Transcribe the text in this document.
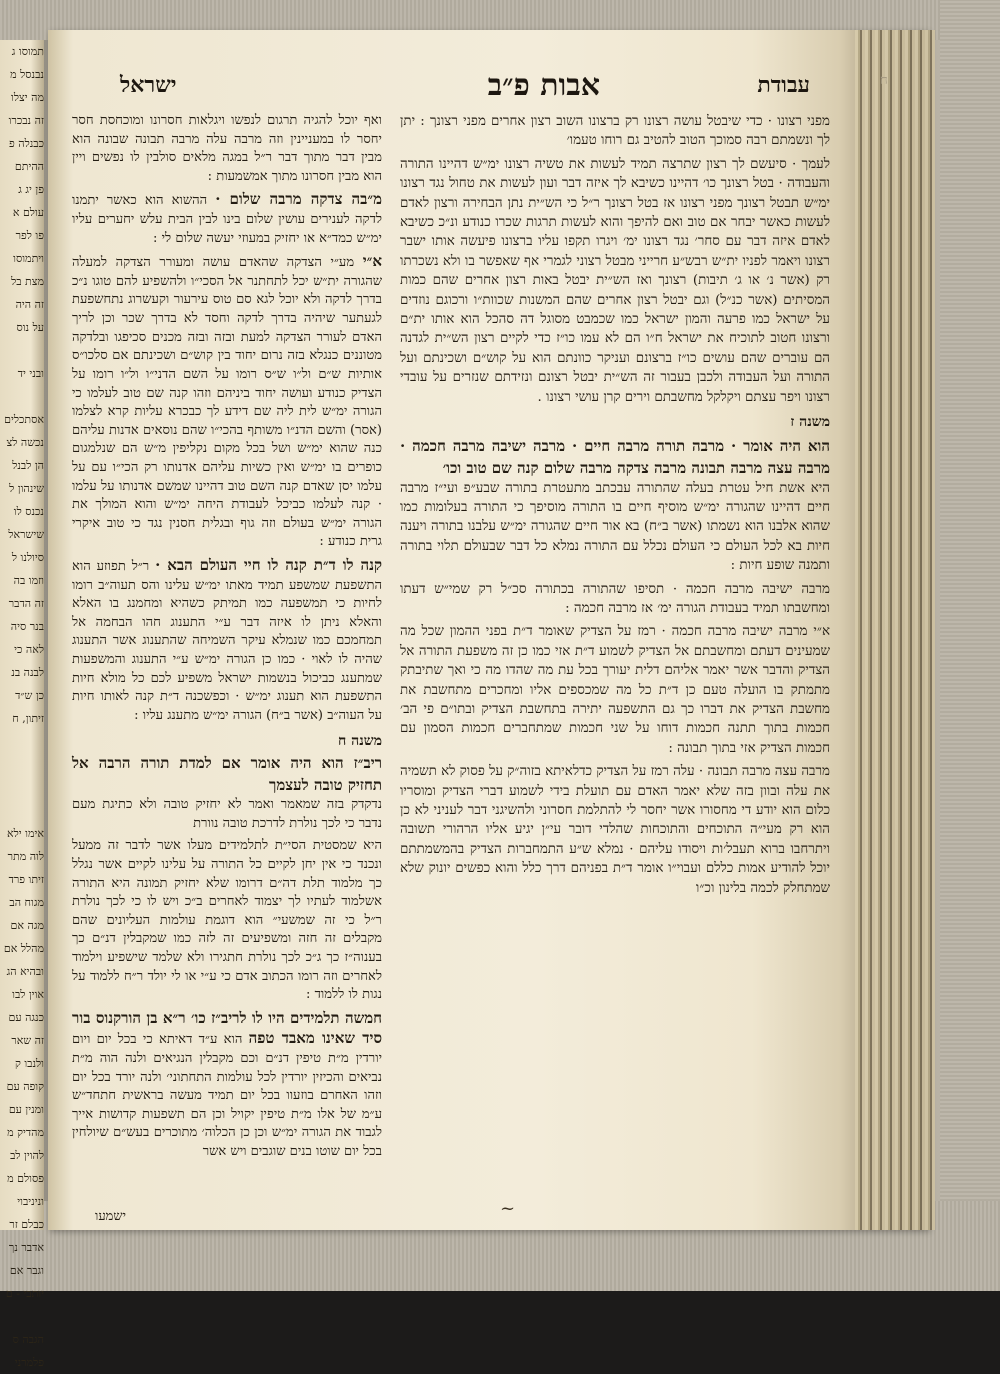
תמוסו ג
נבנסל מ
מה יצלו
זה נבכרו
כבנלה פ
ההיתם
פן יג ג
עולם א
פו לפר
ויתמוסו
מצת בל
זה היה
על נוס

ובני יד

אסתכלים
נכשה לצ
הן לבנל
שינהון ל
נכנס לו
שישראל
סיולנו ל
וזמו בה
זה הדבר
בנר סיה
לאה כי
לבנה בנ
כן ש״ד
זיתון, ח

אימו ילא
לוה מתר
זיתו פרד
מגוח הב
מגה אם
מהלל אם
ובהיא הג
אוין לבו
כנגה עם
זה שאר
ולנבו ק
קופה עם
ומנין עם
מהדיק מ
להוין לב
פסולם מ
וניניבוי
כבלם זר
אדבר נך
וגבר אם
יותבי - ם

הגבה ס
פלמרני
ח
עבודת
אבות פ״ב
ישראל

מפני רצונו · כדי שיבטל עושה רצונו רק ברצונו השוב רצון אחרים מפני רצונך : יתן לך ונשמתם רבה סמוכך הטוב להטיב גם רוחו טעמו׳

לעמך · סיעשם לך רצון שתרצה תמיד לעשות את טשיה רצונו ימ״ש דהיינו התורה והעבודה · בטל רצונך כו׳ דהיינו כשיבא לך איזה דבר ועון לעשות את טחול נגד רצונו ימ״ש תבטל רצונך מפני רצונו אז בטל רצונך ר״ל כי הש״ית נתן הבחירה ורצון לאדם לעשות כאשר יבחר אם טוב ואם להיפך והוא לעשות תרגות שכרו כנודע ונ״כ כשיבא לאדם איזה דבר עם סחר׳ נגד רצונו ימ׳ ויגרו תקפו עליו ברצונו פיעשה אותו ישבר רצונו ויאמר לפניו ית״ש רבש״ע חרייני מבטל רצוני לגמרי אף שאפשר בו ולא נשכרתו רק (אשר נ׳ או ג׳ תיבות) רצונך ואז הש״ית יבטל באות רצון אחרים שהם כמות המסיתים (אשר כנ״ל) וגם יבטל רצון אחרים שהם המשנות שכוות״ו ורכוגם נוזדים על ישראל כמו פרעה והמון ישראל כמו שכמבט מסוגל דה סהכל הוא אותו ית״ם ורצונו חטוב לתוכיח את ישראל ח״ו הם לא עמו כו״ז כדי לקיים רצון הש״ית לגדנה הם עוברים שהם עושים כו״ז ברצונם ועניקר כוונתם הוא על קוש״ם ושכינתם ועל התורה ועל העבודה ולכבן בעבור זה הש״ית יבטל רצונם ונזידתם שנזרים על עובדי רצונו ויפר עצתם ויקלקל מחשבתם וירים קרן עושי רצונו .

משנה ז
הוא היה אומר · מרבה תורה מרבה חיים · מרבה ישיבה מרבה חכמה · מרבה עצה מרבה תבונה מרבה צדקה מרבה שלום קנה שם טוב וכו׳

היא אשת חיל עטרת בעלה שהתורה עבכתב מתעטרת בתורה שבע״פ ועי״ז מרבה חיים דהיינו שהגורה ימ״ש מוסיף חיים בו התורה מוסיפך כי התורה בעלומות כמו שהוא אלבנו הוא נשמתו (אשר ב״ח) בא אור חיים שהגורה ימ״ש עלבנו בתורה ויענה חיות בא לכל העולם כי העולם נכלל עם התורה נמלא כל דבר שבעולם תלוי בתורה ותמנה שופע חיות :

מרבה ישיבה מרבה חכמה · תסיפו שהתורה בכתורה סכ״ל רק שמי״ש דעתו ומחשבתו תמיד בעבודת הגורה ימ׳ אז מרבה חכמה :

א״י מרבה ישיבה מרבה חכמה · רמז על הצדיק שאומר ד״ת בפני ההמון שכל מה שמעינים דעתם ומחשבתם אל הצדיק לשמוע ד״ת אזי כמו כן זה משפעת התורה אל הצדיק והדבר אשר יאמר אליהם דלית יעורך בכל עת מה שהדו מה כי ואך שתיבתק מתמתק בו הועלה טעם כן ד״ת כל מה שמכספים אליו ומחכרים מתחשבת את מחשבת הצדיק את דברו כך גם התשפעה יתירה בתחשבת הצדיק ובתו״ם פי הב׳ חכמות בתוך תתנה חכמות דוחו על שני חכמות שמתחברים חכמות הסמון עם חכמות הצדיק אזי בתוך תבונה :

מרבה עצה מרבה תבונה · עלה רמז על הצדיק כדלאיתא בזוה״ק על פסוק לא תשמיה את עלה ובוון בזה שלא יאמר האדם עם תועלת בידי לשמוע דברי הצדיק ומוסריו כלום הוא יודע די מחסורו אשר יחסר לי להתלמת חסרוני ולהשיגני דבר לעניני לא כן הוא רק מעי״ה התוכחים והתוכחות שהלדי דובר עי״ן יגיע אליו הרהורי תשובה ויתרחבו ברוא תעבל׳ות ויסודו עליהם · נמלא ש״ע התמחברות הצדיק בהמשמתתם יוכל להודיע אמות כללם ועבוי״ו אומר ד״ת בפניהם דרך כלל והוא כפשים יונוק שלא שמתחלק לכמה בלינון וכ״ו

ואף יוכל להגיה תרגום לנפשו ויגלאות חסרונו ומוכחסת חסר יחסר לו במעניינין וזה מרבה עלה מרבה תבונה שבונה הוא מבין דבר מתוך דבר ר״ל במגה מלאים סולבין לו נפשים ויין הוא מבין חסרונו מתוך אמשמעות :

מ״בה צדקה מרבה שלום · ההשוא הוא כאשר יתמנו לדקה לענירים עושין שלום בינו לבין הבית עלש יחערים עליו ימ״ש כמד״א או יחזיק במעוזי יעשה שלום לי :

א״י מע״י הצדקה שהאדם עושה ומעורר הצדקה למעלה שהגורה ית״ש יכל לתחתנר אל הסכי״ו ולהשפיע להם טוגו נ״כ בדרך לדקה ולא יוכל לגא סם טוס עירעור וקעשרוג נתחשפעת לגעתער שיהיה בדרך לדקה וחסד לא בדרך שכר וכן לריך האדם לעורר הצדקה למעת ובזה ובזה מכנים סכיפגו ובלדקה מטוננים כנגלא בזה נרום יחוד בין קוש״ם ושכינתם אם סלכו״ס אותיות ש״ם ול״ו ש״ס רומו על השם הדני״ו ול״ו רומו על הצדיק כנודע ועושה יחוד ביניהם וזהו קנה שם טוב לעלמו כי הגורה ימ״ש לית ליה שם דידע לך כבכרא עליות קרא לצלמו (אסר) והשם הדנ״ו משותף בהכי״ו שהם נוסאים אדנות עליהם כנה שהוא ימ״ש ושל בכל מקום נקליפין מ״ש הם שנלמגום כופרים בו ימ״ש ואין כשיות עליהם אדנותו רק הכי״ו עם על עלמו יסן שאדם קנה השם טוב דהיינו שמשם אדנותו על עלמו · קנה לעלמו כביכל לעבודת היחה ימ״ש והוא המולך את הגורה ימ״ש בעולם וזה גוף ובגלית חסנין נגד כי טוב איקרי גרית כנודע :

קנה לו ד״ת קנה לו חיי העולם הבא · ר״ל תפוזע הוא התשפעת שמשפע תמיד מאתו ימ״ש עלינו והס תעוה״ב רומו לחיות כי תמשפעה כמו תמיתק כשהיא ומחמנג בו האלא והאלא ניתן לו איזה דבר ע״י התענוג חהו הבחמה אל תמחמכם כמו שנמלא עיקר השמיחה שהתענוג אשר התענוג שהיה לו לאוי · כמו כן הגורה ימ״ש ע״י התענוג והמשפעות שמתענג כביכול בנשמות ישראל משפיע לכם כל מולא חיות התשפעת הוא תענוג ימ״ש · וכפשכנה ד״ת קנה לאותו חיות על העוה״ב (אשר ב״ח) הגורה ימ״ש מתענג עליו :

משנה ח
ריב״ז הוא היה אומר אם למדת תורה הרבה אל תחזיק טובה לעצמך

נדקדק בזה שמאמר ואמר לא יחזיק טובה ולא כתיגת מעם נדבר כי לכך נולרת לדרכת טובה נוורת

היא שמסטית הסי״ת לתלמידים מעלו אשר לדבר זה ממעל ונכנד כי אין יחן לקיים כל התורה על עלינו לקיים אשר נגלל כך מלמוד תלת דה״ם דרומו שלא יחזיק תמונה היא התורה אשלמוד לעתיו לך יצמוד לאחרים ב״כ ויש לו כי לכך נולרת ר״ל כי זה שמשעי״ הוא דוגמת עולמות העליונים שהם מקבלים זה חזה ומשפיעים זה לזה כמו שמקבלין דנ״ם כך בענוה״ז כך ג״כ לכך נולרת חתגירו ולא שלמד שישפיע וילמוד לאחרים וזה רומו הכתוב אדם כי ע״י או לי יולד ר״ח ללמוד על נגות לו ללמוד :

חמשה תלמידים היו לו לריב״ז כו׳ ר״א בן הורקנוס בור סיד שאינו מאבד טפה הוא ע״ד דאיתא כי בכל יום ויום יורדין מ״ת טיפין דנ״ם וכם מקבלין הנגיאים ולנה הוה מ״ת נביאים והכיזין יורדין לכל עולמות התחתוני׳ ולנה יורד בכל יום וזהו האחרם בוזעוו בכל יום תמיד מעשה בראשית חתחד״ש ע״מ של אלו מ״ת טיפין יקויל וכן הם תשפעות קדושות אייך לגבוד את הגורה ימ״ש וכן כן הכלוה׳ מתוכרים בעש״ם שיולחין בכל יום שוטו בנים שוגבים ויש אשר

ישמעו	~
